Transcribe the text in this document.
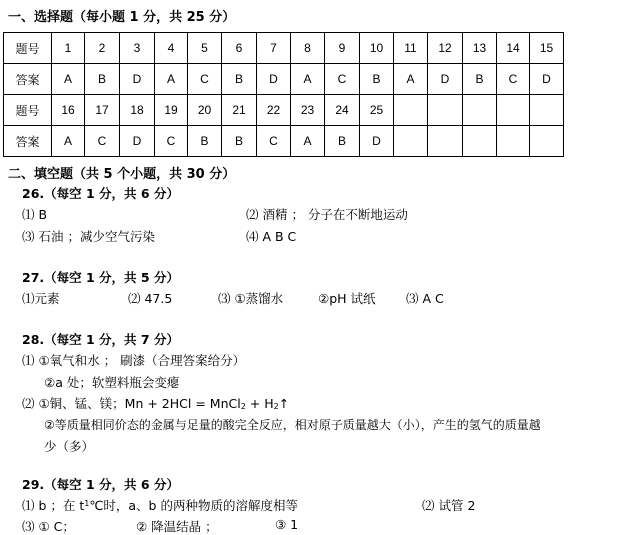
一、选择题（每小题 1 分，共 25 分）
题号	1	2	3	4	5	6	7	8	9	10	11	12	13	14	15
答案	A	B	D	A	C	B	D	A	C	B	A	D	B	C	D
题号	16	17	18	19	20	21	22	23	24	25					
答案	A	C	D	C	B	B	C	A	B	D					
二、填空题（共 5 个小题，共 30 分）
26.（每空 1 分，共 6 分）
⑴ B	⑵ 酒精 ； 分子在不断地运动
⑶ 石油 ；减少空气污染	⑷ A B C
27.（每空 1 分，共 5 分）
⑴元素	⑵ 47.5	⑶ ①蒸馏水	②pH 试纸 ⑶ A C
28.（每空 1 分，共 7 分）
⑴ ①氧气和水 ； 刷漆（合理答案给分）
②a 处；软塑料瓶会变瘪
⑵ ①铜、锰、镁；Mn + 2HCl = MnCl$_2$ + $H_2↑$
②等质量相同价态的金属与足量的酸完全反应，相对原子质量越大（小），产生的氢气的质量越
少（多）
29.（每空 1 分，共 6 分）
⑴ b ；在 $t^1℃$时，a、b 的两种物质的溶解度相等	⑵ 试管 2
⑶ ① C；	② 降温结晶 ；	③ 1
